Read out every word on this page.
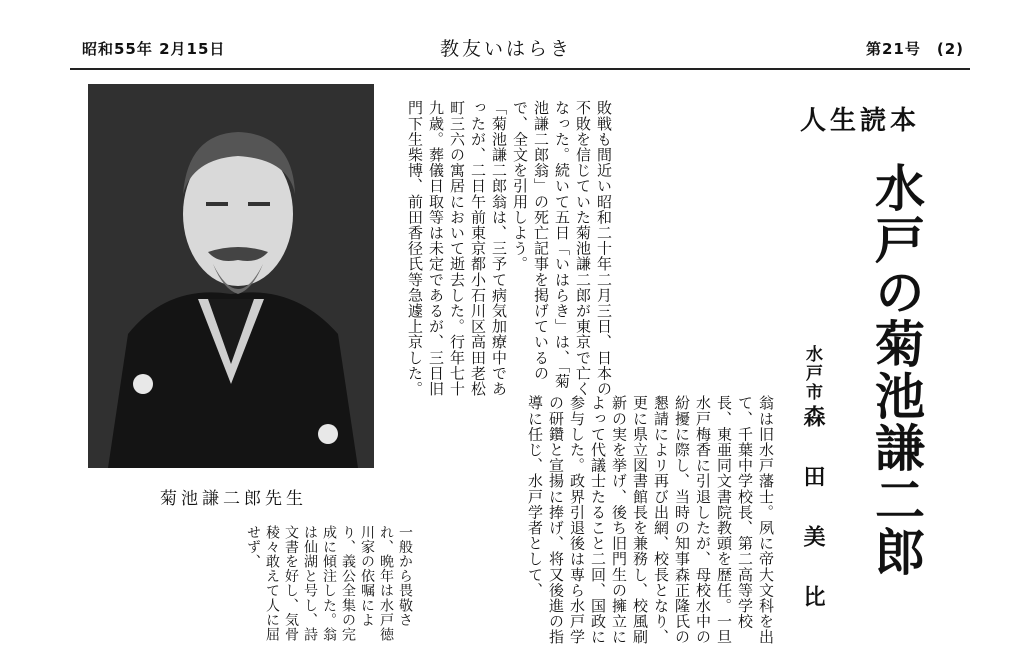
昭和55年 2月15日	教友いはらき	第21号　(2)
菊池謙二郎先生
人生読本
水戸の菊池謙二郎
水戸市
森田美比

敗戦も間近い昭和二十年二月三日、日本の不敗を信じていた菊池謙二郎が東京で亡くなった。続いて五日「いはらき」は、「菊池謙二郎翁」の死亡記事を掲げているので、全文を引用しよう。

「菊池謙二郎翁は、三予て病気加療中であったが、二日午前東京都小石川区高田老松町三六の寓居において逝去した。行年七十九歳。葬儀日取等は未定であるが、三日旧門下生柴博、前田香径氏等急遽上京した。

翁は旧水戸藩士。夙に帝大文科を出て、千葉中学校長、第二高等学校長、東亜同文書院教頭を歴任。一旦水戸梅香に引退したが、母校水中の紛擾に際し、当時の知事森正隆氏の懇請によリ再び出網、校長となり、更に県立図書館長を兼務し、校風刷新の実を挙げ、後ち旧門生の擁立によって代議士たること二回、国政に参与した。政界引退後は専ら水戸学の研鑽と宣揚に捧げ、将又後進の指導に任じ、水戸学者として、

一般から畏敬され、晩年は水戸徳川家の依嘱により、義公全集の完成に傾注した。翁は仙湖と号し、詩文書を好し、気骨稜々敢えて人に屈せず、
